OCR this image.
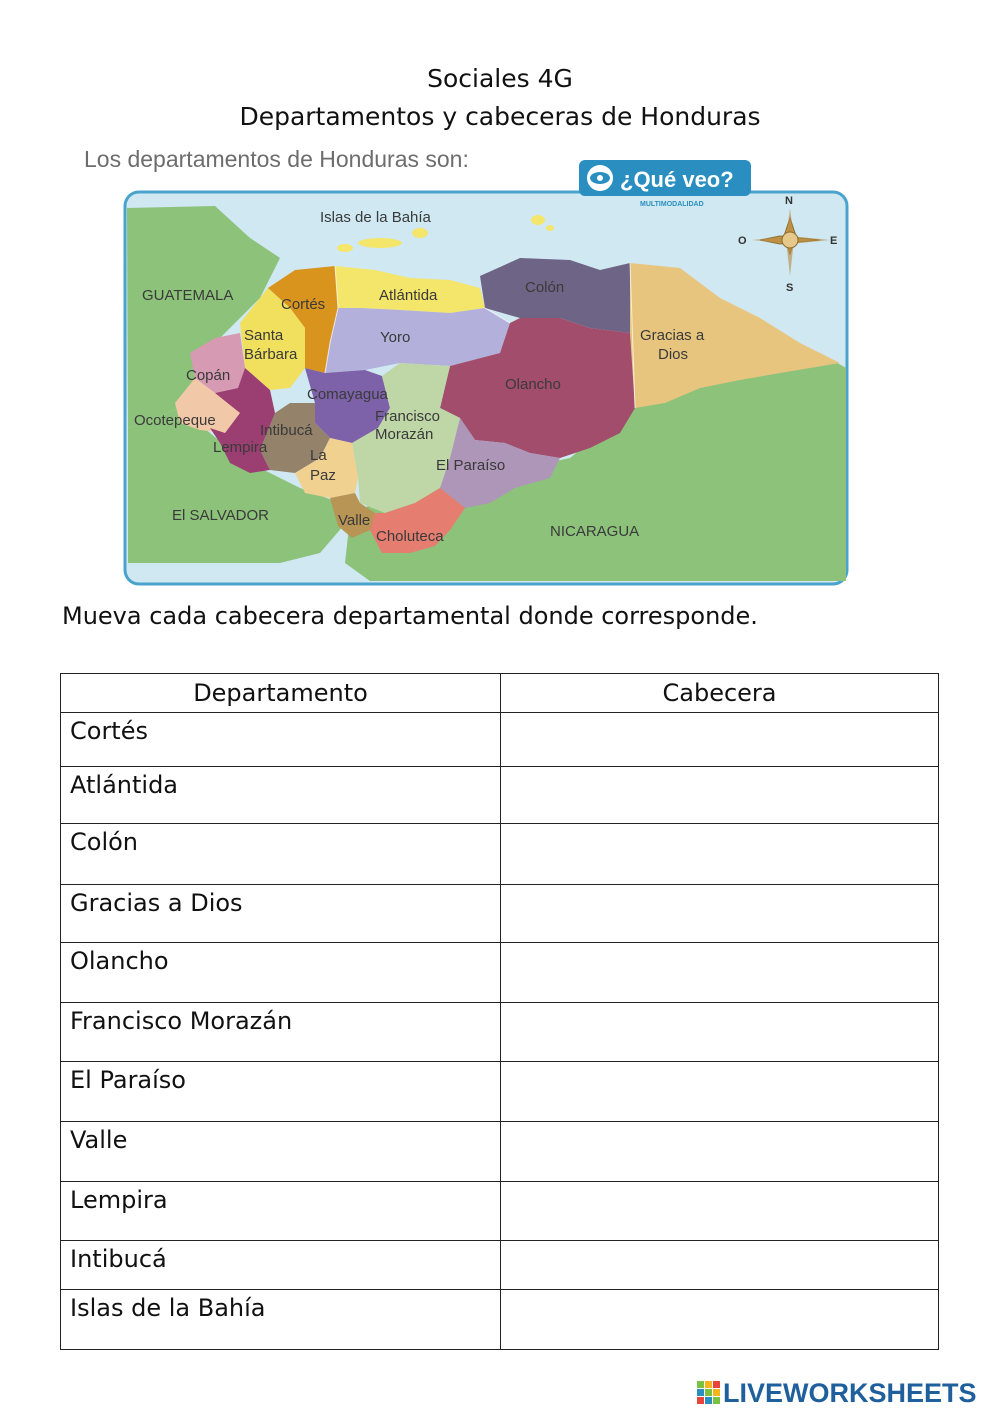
Sociales 4G
Departamentos y cabeceras de Honduras
Los departamentos de Honduras son:
¿Qué veo?
MULTIMODALIDAD	N
S
E
O
Islas de la Bahía
GUATEMALA
Cortés
Atlántida	Colón
Gracias a
Dios
Santa
Bárbara
Yoro
Copán
Olancho
Comayagua
Francisco
Morazán
Ocotepeque
Intibucá
Lempira	La
Paz
El Paraíso
El SALVADOR	Valle
Choluteca	NICARAGUA
Mueva cada cabecera departamental donde corresponde.
Departamento	Cabecera
Cortés	
Atlántida	
Colón	
Gracias a Dios	
Olancho	
Francisco Morazán	
El Paraíso	
Valle	
Lempira	
Intibucá	
Islas de la Bahía	
LIVEWORKSHEETS
